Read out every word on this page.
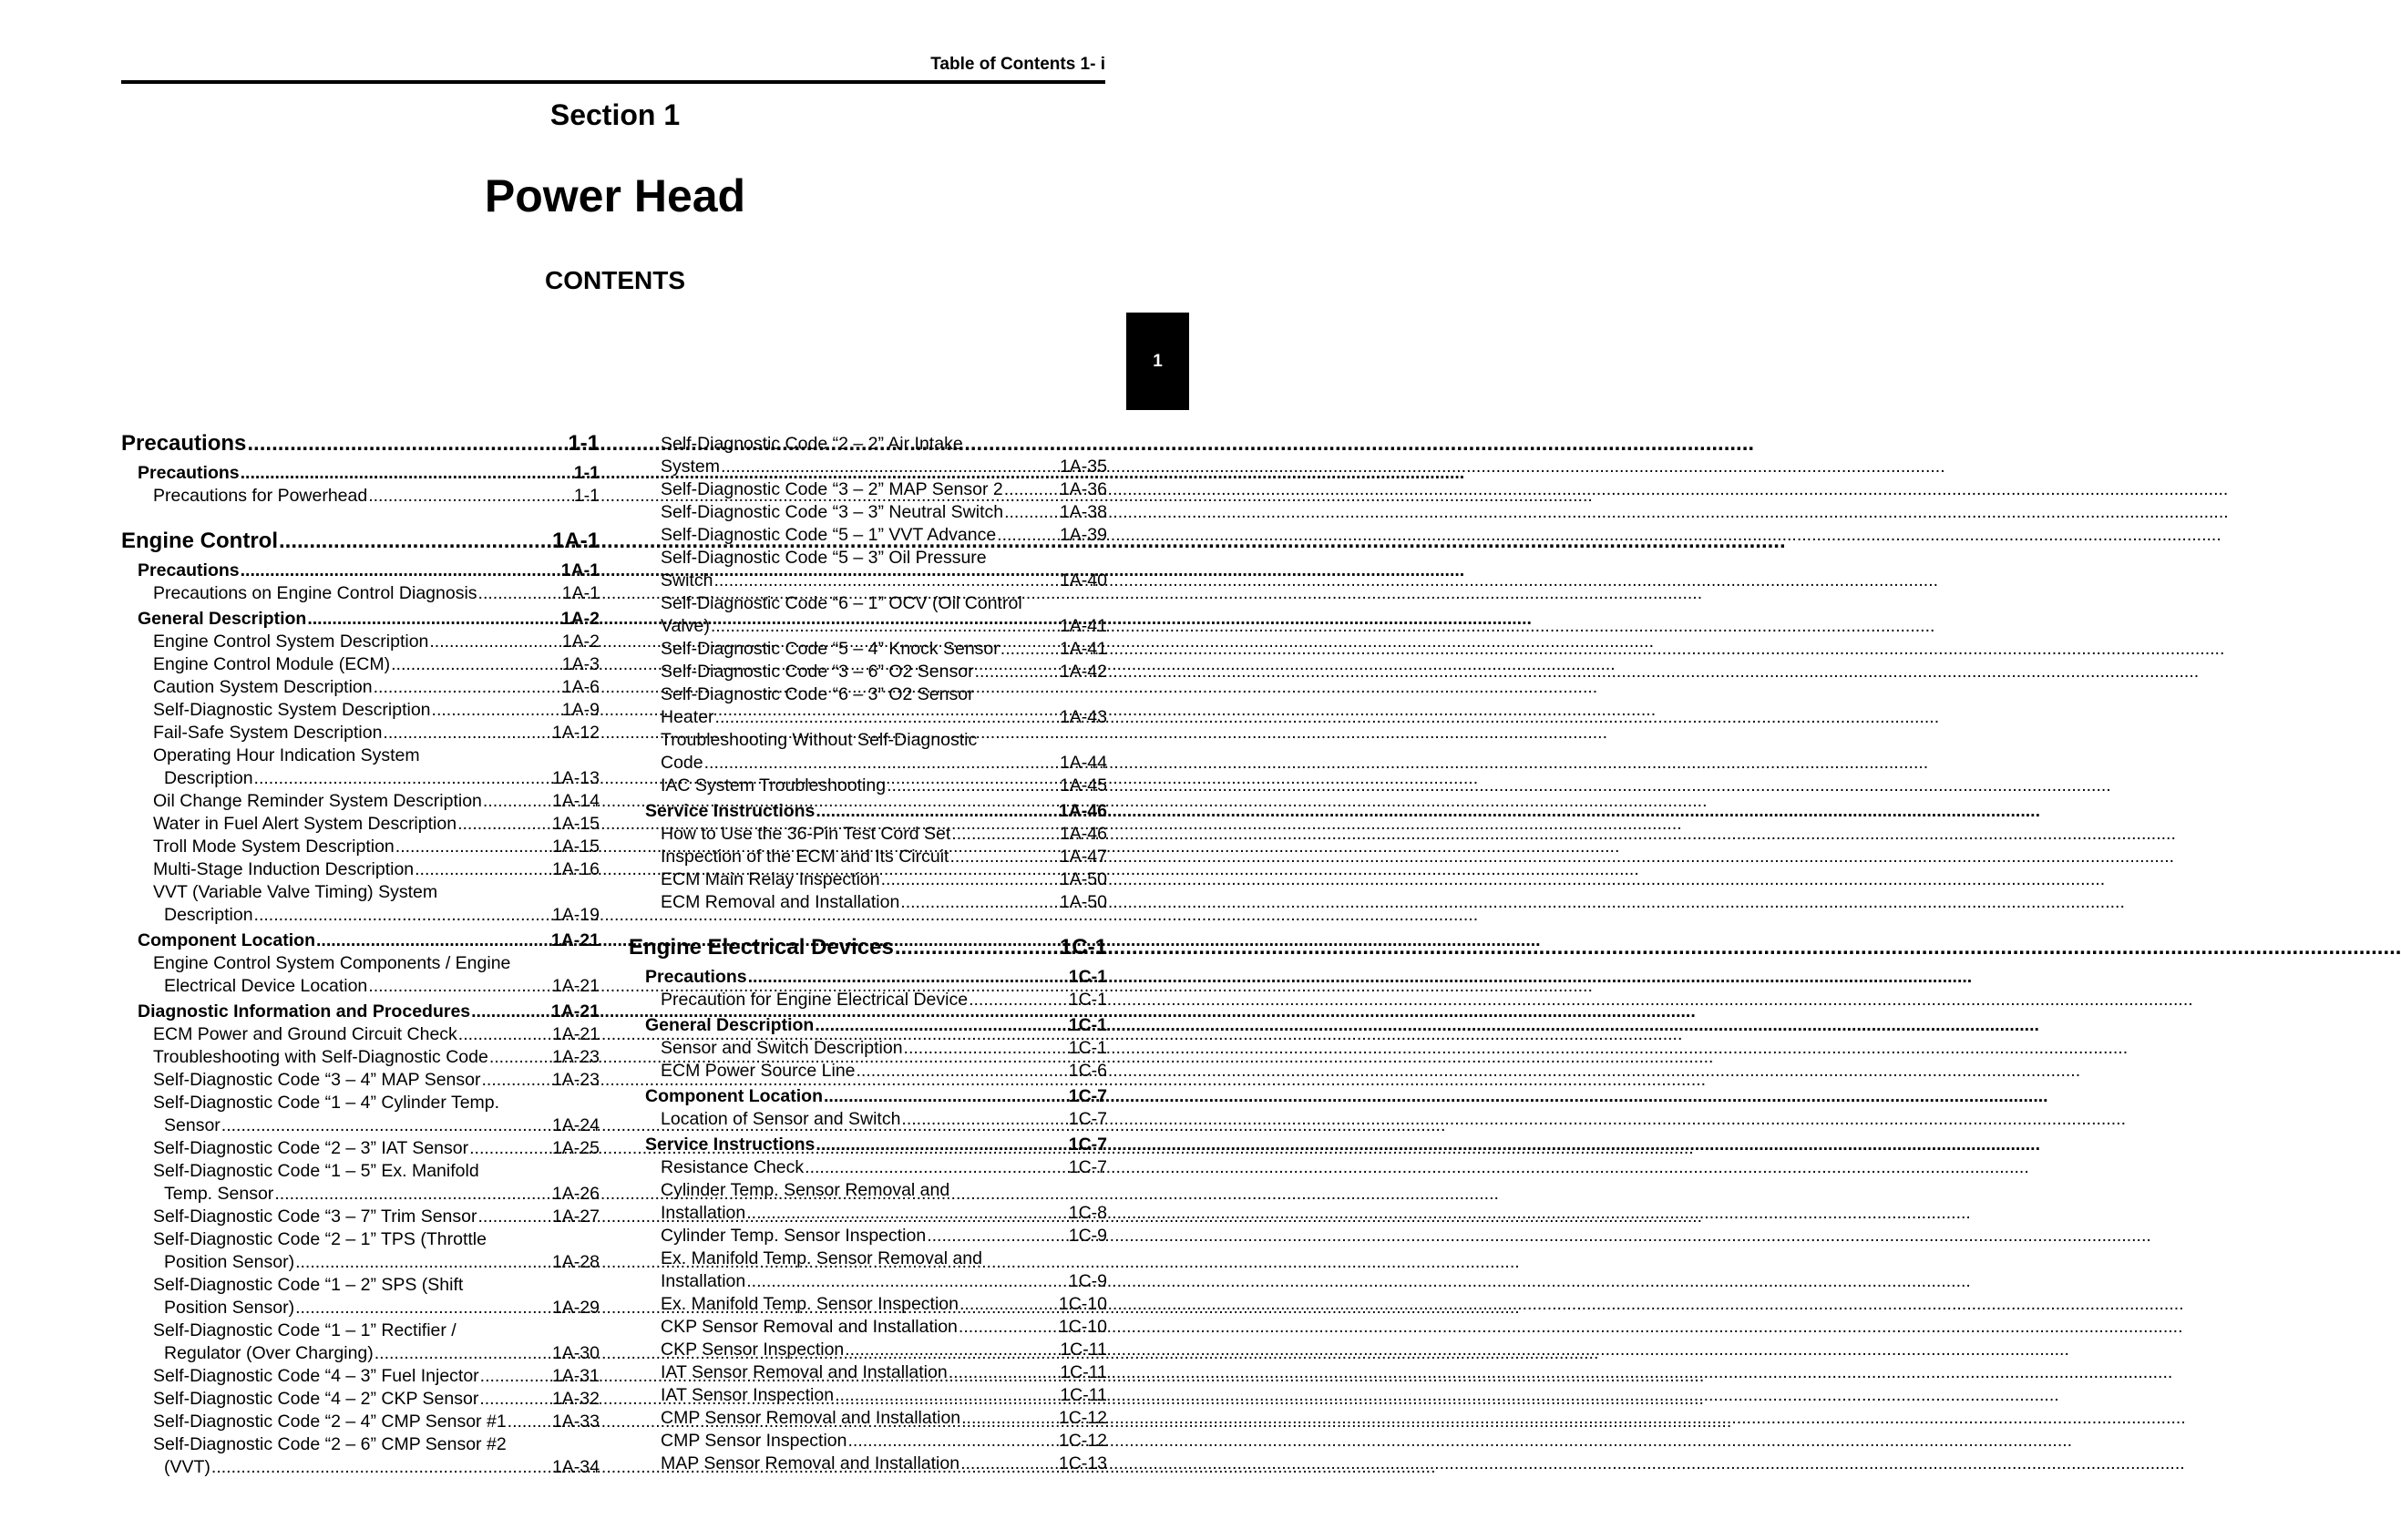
Table of Contents 1- i
Section 1
Power Head
CONTENTS
1
Precautions .....	1-1
Precautions .....	1-1
Precautions for Powerhead .....	1-1
Engine Control .....	1A-1
Precautions .....	1A-1
Precautions on Engine Control Diagnosis .....	1A-1
General Description .....	1A-2
Engine Control System Description .....	1A-2
Engine Control Module (ECM) .....	1A-3
Caution System Description .....	1A-6
Self-Diagnostic System Description .....	1A-9
Fail-Safe System Description .....	1A-12
Operating Hour Indication System
Description .....	1A-13
Oil Change Reminder System Description .....	1A-14
Water in Fuel Alert System Description .....	1A-15
Troll Mode System Description .....	1A-15
Multi-Stage Induction Description .....	1A-16
VVT (Variable Valve Timing) System
Description .....	1A-19
Component Location .....	1A-21
Engine Control System Components / Engine
Electrical Device Location .....	1A-21
Diagnostic Information and Procedures .....	1A-21
ECM Power and Ground Circuit Check .....	1A-21
Troubleshooting with Self-Diagnostic Code .....	1A-23
Self-Diagnostic Code “3 – 4” MAP Sensor .....	1A-23
Self-Diagnostic Code “1 – 4” Cylinder Temp.
Sensor .....	1A-24
Self-Diagnostic Code “2 – 3” IAT Sensor .....	1A-25
Self-Diagnostic Code “1 – 5” Ex. Manifold
Temp. Sensor .....	1A-26
Self-Diagnostic Code “3 – 7” Trim Sensor .....	1A-27
Self-Diagnostic Code “2 – 1” TPS (Throttle
Position Sensor) .....	1A-28
Self-Diagnostic Code “1 – 2” SPS (Shift
Position Sensor) .....	1A-29
Self-Diagnostic Code “1 – 1” Rectifier /
Regulator (Over Charging) .....	1A-30
Self-Diagnostic Code “4 – 3” Fuel Injector .....	1A-31
Self-Diagnostic Code “4 – 2” CKP Sensor .....	1A-32
Self-Diagnostic Code “2 – 4” CMP Sensor #1 .....	1A-33
Self-Diagnostic Code “2 – 6” CMP Sensor #2
(VVT) .....	1A-34
Self-Diagnostic Code “2 – 2” Air Intake
System .....	1A-35
Self-Diagnostic Code “3 – 2” MAP Sensor 2 .....	1A-36
Self-Diagnostic Code “3 – 3” Neutral Switch .....	1A-38
Self-Diagnostic Code “5 – 1” VVT Advance .....	1A-39
Self-Diagnostic Code “5 – 3” Oil Pressure
Switch .....	1A-40
Self-Diagnostic Code “6 – 1” OCV (Oil Control
Valve) .....	1A-41
Self-Diagnostic Code “5 – 4” Knock Sensor .....	1A-41
Self-Diagnostic Code “3 – 6” O2 Sensor .....	1A-42
Self-Diagnostic Code “6 – 3” O2 Sensor
Heater .....	1A-43
Troubleshooting Without Self-Diagnostic
Code .....	1A-44
IAC System Troubleshooting .....	1A-45
Service Instructions .....	1A-46
How to Use the 36-Pin Test Cord Set .....	1A-46
Inspection of the ECM and Its Circuit .....	1A-47
ECM Main Relay Inspection .....	1A-50
ECM Removal and Installation .....	1A-50
Engine Electrical Devices .....	1C-1
Precautions .....	1C-1
Precaution for Engine Electrical Device .....	1C-1
General Description .....	1C-1
Sensor and Switch Description .....	1C-1
ECM Power Source Line .....	1C-6
Component Location .....	1C-7
Location of Sensor and Switch .....	1C-7
Service Instructions .....	1C-7
Resistance Check .....	1C-7
Cylinder Temp. Sensor Removal and
Installation .....	1C-8
Cylinder Temp. Sensor Inspection .....	1C-9
Ex. Manifold Temp. Sensor Removal and
Installation .....	1C-9
Ex. Manifold Temp. Sensor Inspection .....	1C-10
CKP Sensor Removal and Installation .....	1C-10
CKP Sensor Inspection .....	1C-11
IAT Sensor Removal and Installation .....	1C-11
IAT Sensor Inspection .....	1C-11
CMP Sensor Removal and Installation .....	1C-12
CMP Sensor Inspection .....	1C-12
MAP Sensor Removal and Installation .....	1C-13
